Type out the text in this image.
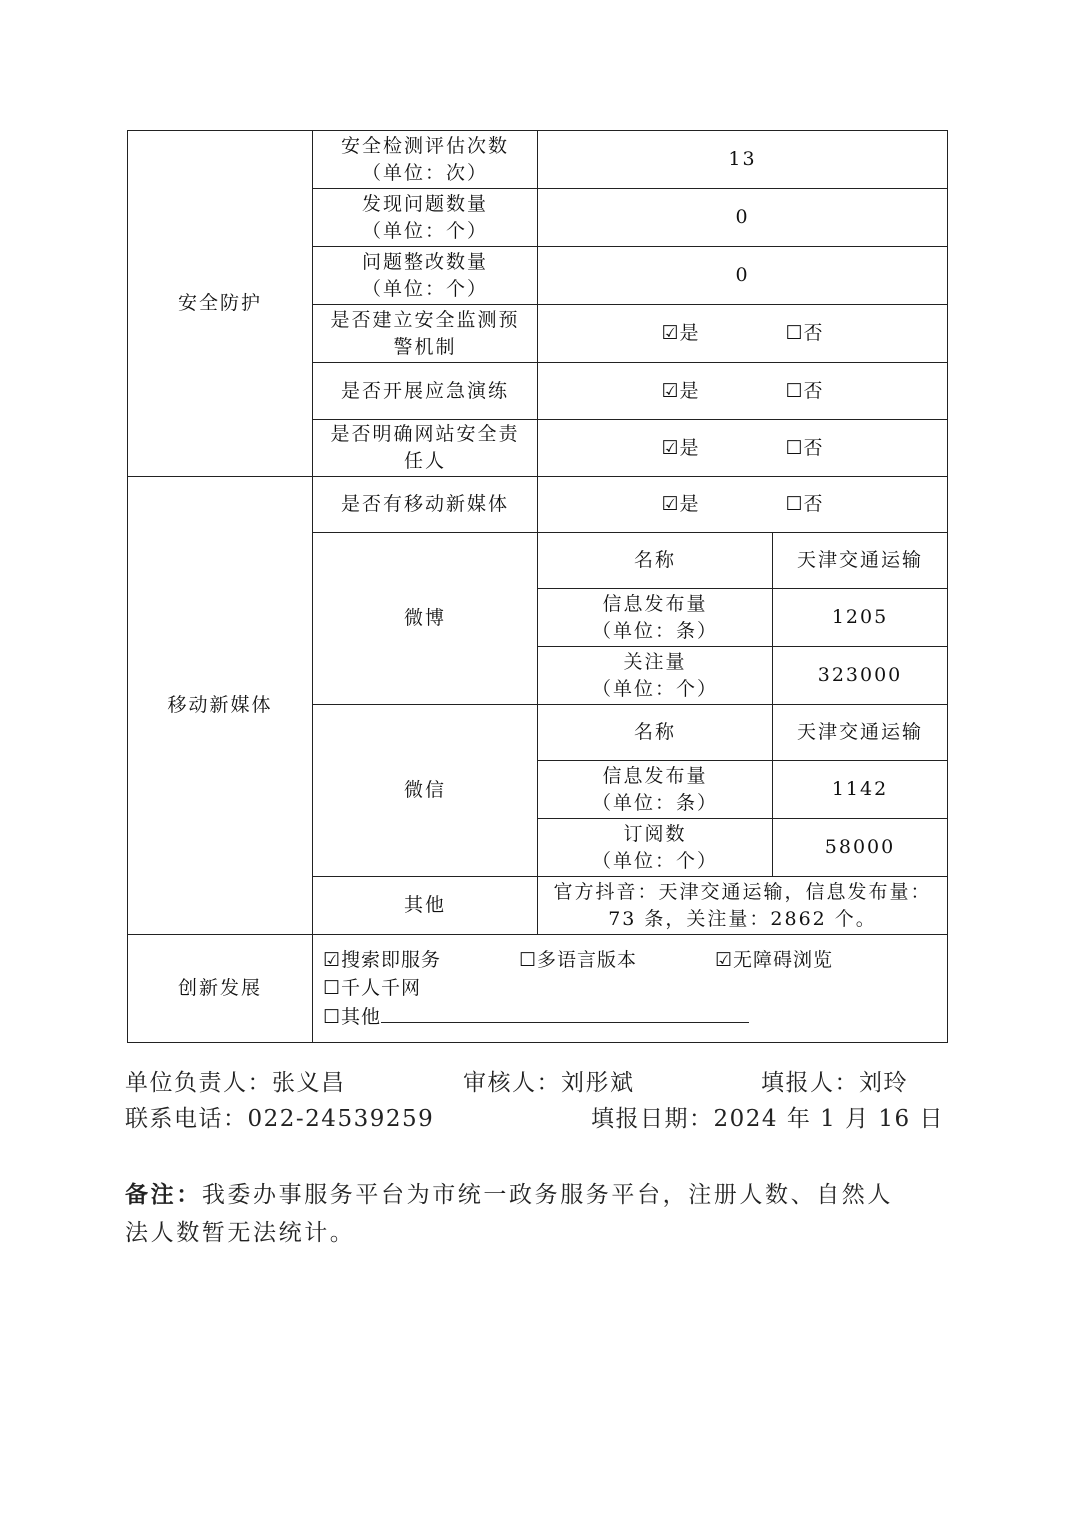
安全防护	安全检测评估次数
（单位：次）	13	

	发现问题数量
（单位：个）	0	

	问题整改数量
（单位：个）	0	

	是否建立安全监测预
警机制	☑是 ☐否	

	是否开展应急演练	☑是 ☐否	

	是否明确网站安全责
任人	☑是 ☐否	
移动新媒体	是否有移动新媒体	☑是 ☐否	
	微博	名称	天津交通运输

		信息发布量
（单位：条）	1205

		关注量
（单位：个）	323000
	微信	名称	天津交通运输

		信息发布量
（单位：条）	1142

		订阅数
（单位：个）	58000
	其他	官方抖音：天津交通运输，信息发布量：
73 条，关注量：2862 个。	

创新发展	☑搜索即服务 ☐多语言版本 ☑无障碍浏览
☐千人千网
☐其他		
单位负责人：张义昌	审核人：刘彤斌	填报人：刘玲
联系电话：022-24539259	填报日期：2024 年 1 月 16 日
备注：我委办事服务平台为市统一政务服务平台，注册人数、自然人法人数暂无法统计。
